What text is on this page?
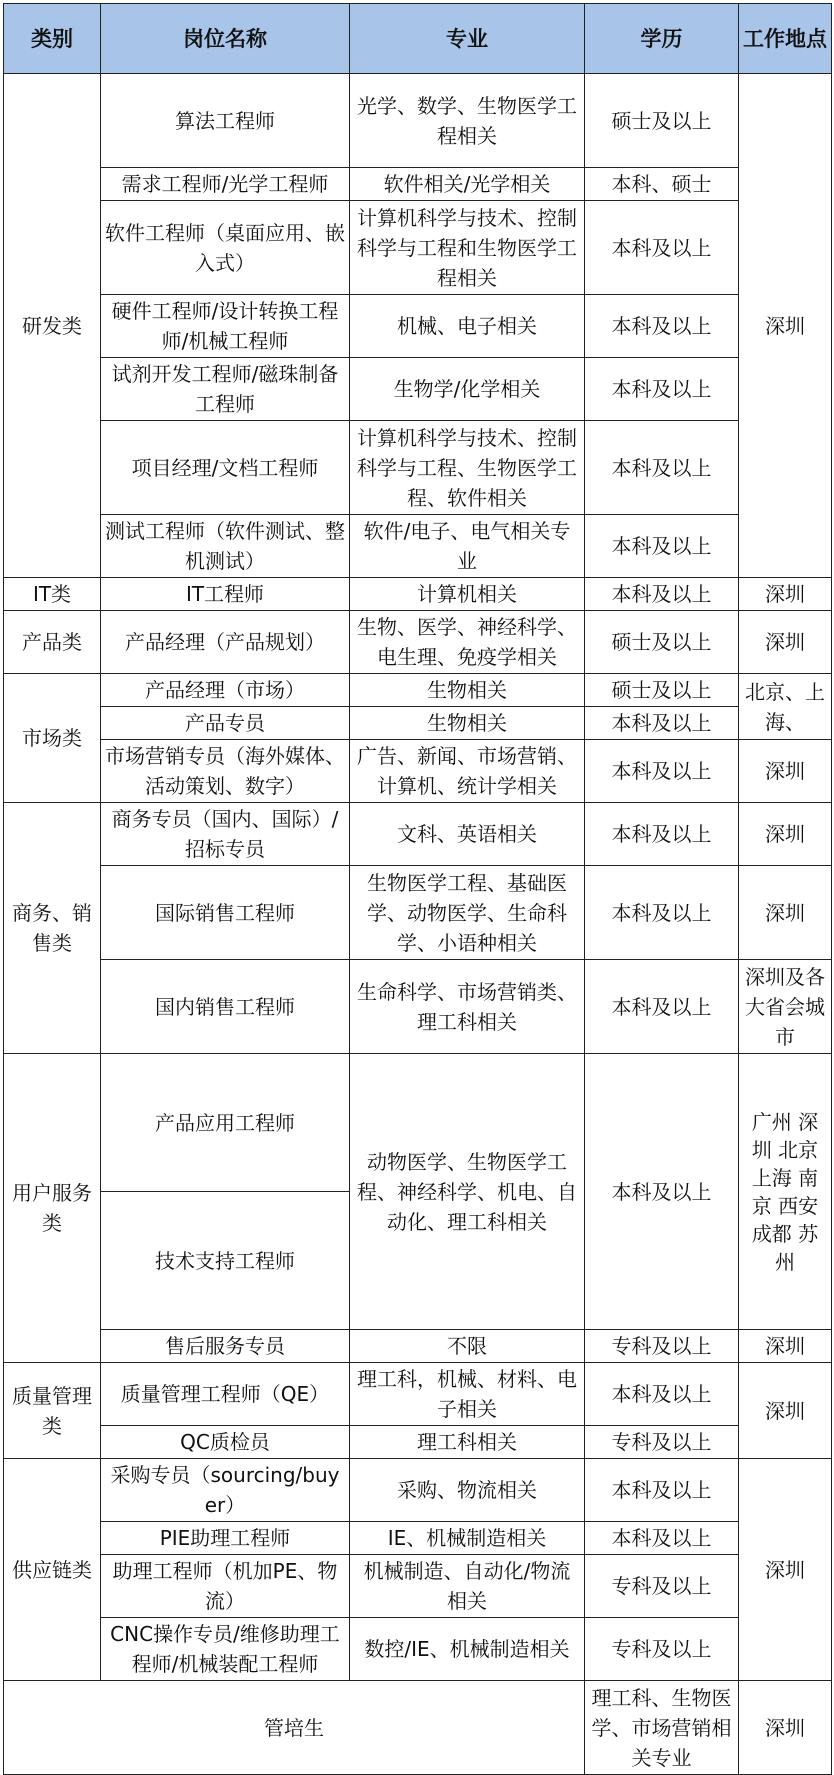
类别	岗位名称	专业	学历	工作地点
研发类	算法工程师	光学、数学、生物医学工程相关	硕士及以上	深圳
	需求工程师/光学工程师	软件相关/光学相关	本科、硕士	
	软件工程师（桌面应用、嵌入式）	计算机科学与技术、控制科学与工程和生物医学工程相关	本科及以上	
	硬件工程师/设计转换工程师/机械工程师	机械、电子相关	本科及以上	
	试剂开发工程师/磁珠制备工程师	生物学/化学相关	本科及以上	
	项目经理/文档工程师	计算机科学与技术、控制科学与工程、生物医学工程、软件相关	本科及以上	
	测试工程师（软件测试、整机测试）	软件/电子、电气相关专业	本科及以上	
IT类	IT工程师	计算机相关	本科及以上	深圳
产品类	产品经理（产品规划）	生物、医学、神经科学、电生理、免疫学相关	硕士及以上	深圳
市场类	产品经理（市场）	生物相关	硕士及以上	北京、上海、
	产品专员	生物相关	本科及以上	
	市场营销专员（海外媒体、活动策划、数字）	广告、新闻、市场营销、计算机、统计学相关	本科及以上	深圳
商务、销售类	商务专员（国内、国际）/招标专员	文科、英语相关	本科及以上	深圳
	国际销售工程师	生物医学工程、基础医学、动物医学、生命科学、小语种相关	本科及以上	深圳
	国内销售工程师	生命科学、市场营销类、理工科相关	本科及以上	深圳及各大省会城市
用户服务类	产品应用工程师	动物医学、生物医学工程、神经科学、机电、自动化、理工科相关	本科及以上	广州 深圳 北京 上海 南京 西安 成都 苏州
	技术支持工程师			
	售后服务专员	不限	专科及以上	深圳
质量管理类	质量管理工程师（QE）	理工科，机械、材料、电子相关	本科及以上	深圳
	QC质检员	理工科相关	专科及以上	
供应链类	采购专员（sourcing/buyer）	采购、物流相关	本科及以上	深圳
	PIE助理工程师	IE、机械制造相关	本科及以上	
	助理工程师（机加PE、物流）	机械制造、自动化/物流相关	专科及以上	
	CNC操作专员/维修助理工程师/机械装配工程师	数控/IE、机械制造相关	专科及以上	
管培生			理工科、生物医学、市场营销相关专业	深圳
